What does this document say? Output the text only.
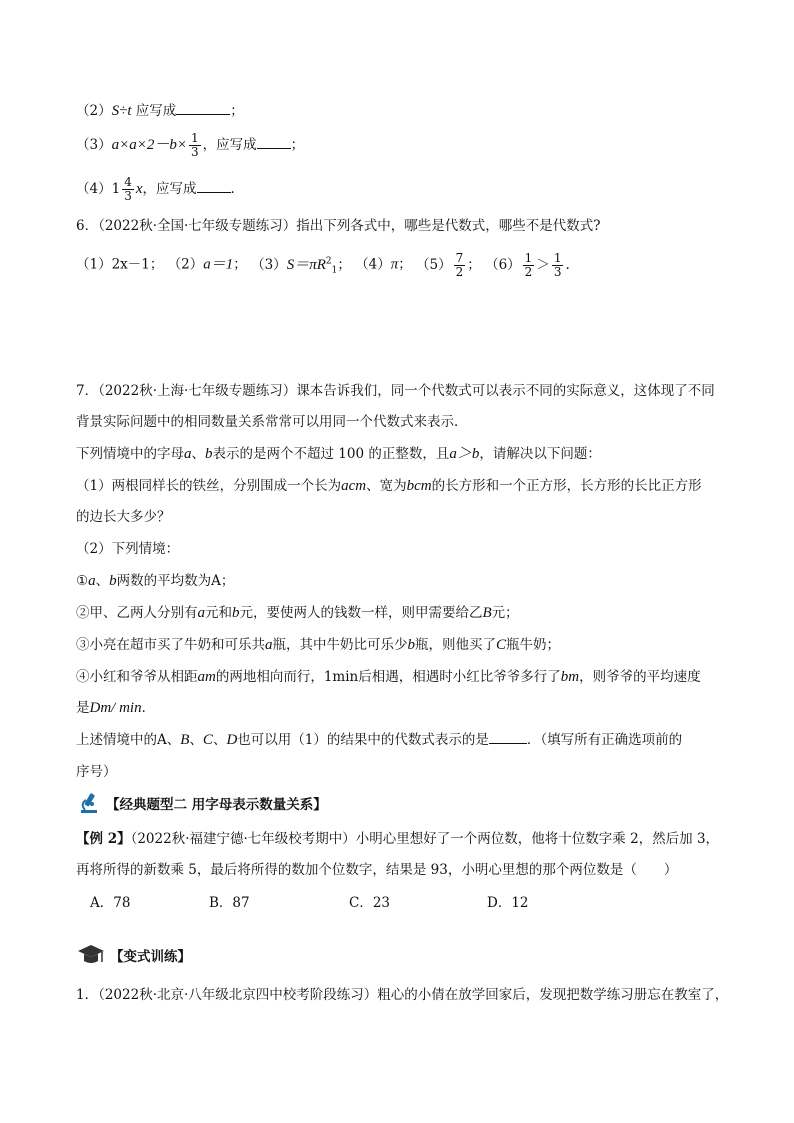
（2）S÷t 应写成	；
$(3)a\times a\times 2-b\times \frac{1}{3}$ ，应写成	；
$(4)1 \frac{4}{3}$ x，应写成	.
6．（2022秋·全国·七年级专题练习）指出下列各式中，哪些是代数式，哪些不是代数式?
（1）2x－1； （2）a＝1； $(3)S=\pi R^2_1$； （4）π； $(5) \frac{7}{2}$ ； $(6) \frac{1}{2} > \frac{1}{3}$ .
7．（2022秋·上海·七年级专题练习）课本告诉我们，同一个代数式可以表示不同的实际意义，这体现了不同
背景实际问题中的相同数量关系常常可以用同一个代数式来表示．
下列情境中的字母a、b表示的是两个不超过 100 的正整数，且a＞b，请解决以下问题：
（1）两根同样长的铁丝，分别围成一个长为acm、宽为bcm的长方形和一个正方形，长方形的长比正方形
的边长大多少？
（2）下列情境：
①a、b两数的平均数为A；
②甲、乙两人分别有a元和b元，要使两人的钱数一样，则甲需要给乙B元；
③小亮在超市买了牛奶和可乐共a瓶，其中牛奶比可乐少b瓶，则他买了C瓶牛奶；
④小红和爷爷从相距am的两地相向而行，1min后相遇，相遇时小红比爷爷多行了bm，则爷爷的平均速度
是Dm/ min．
上述情境中的A、B、C、D也可以用（1）的结果中的代数式表示的是	．（填写所有正确选项前的
序号）
【经典题型二 用字母表示数量关系】
【例 2】（2022秋·福建宁德·七年级校考期中）小明心里想好了一个两位数，他将十位数字乘 2，然后加 3，
再将所得的新数乘 5，最后将所得的数加个位数字，结果是 93，小明心里想的那个两位数是（　　）
A．78	B．87	C．23	D．12
【变式训练】
1．（2022秋·北京·八年级北京四中校考阶段练习）粗心的小倩在放学回家后，发现把数学练习册忘在教室了，
